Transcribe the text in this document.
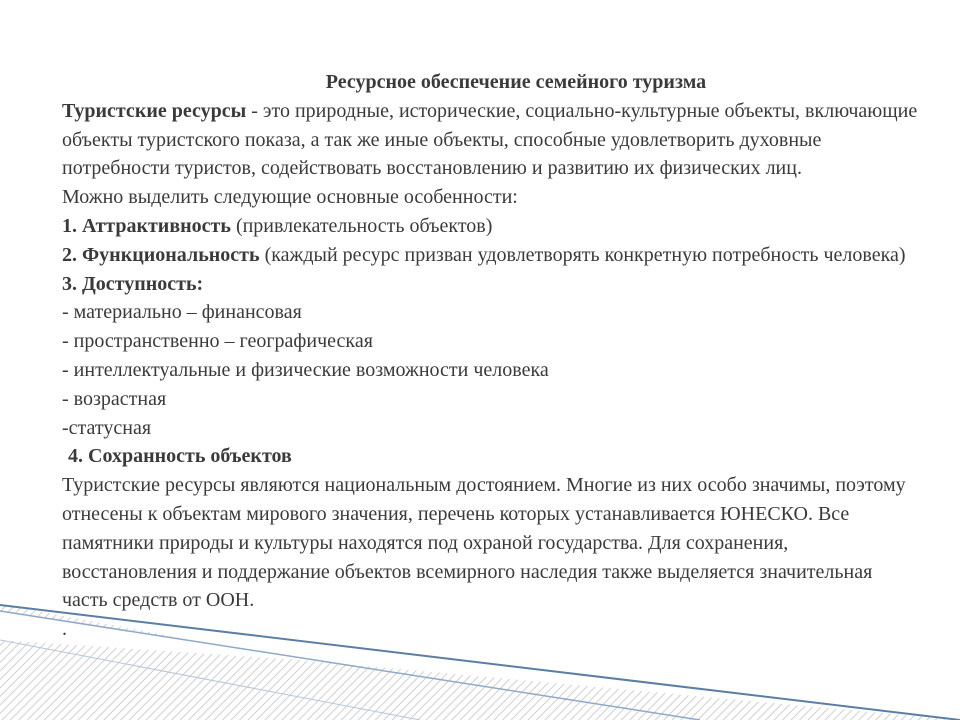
Ресурсное обеспечение семейного туризма

Туристские ресурсы - это природные, исторические, социально-культурные объекты, включающие объекты туристского показа, а так же иные объекты, способные удовлетворить духовные потребности туристов, содействовать восстановлению и развитию их физических лиц.

Можно выделить следующие основные особенности:

1. Аттрактивность (привлекательность объектов)

2. Функциональность (каждый ресурс призван удовлетворять конкретную потребность человека)

3. Доступность:

- материально – финансовая

- пространственно – географическая

- интеллектуальные и физические возможности человека

- возрастная

-статусная

4. Сохранность объектов

Туристские ресурсы являются национальным достоянием. Многие из них особо значимы, поэтому отнесены к объектам мирового значения, перечень которых устанавливается ЮНЕСКО. Все памятники природы и культуры находятся под охраной государства. Для сохранения, восстановления и поддержание объектов всемирного наследия также выделяется значительная часть средств от ООН.

.
